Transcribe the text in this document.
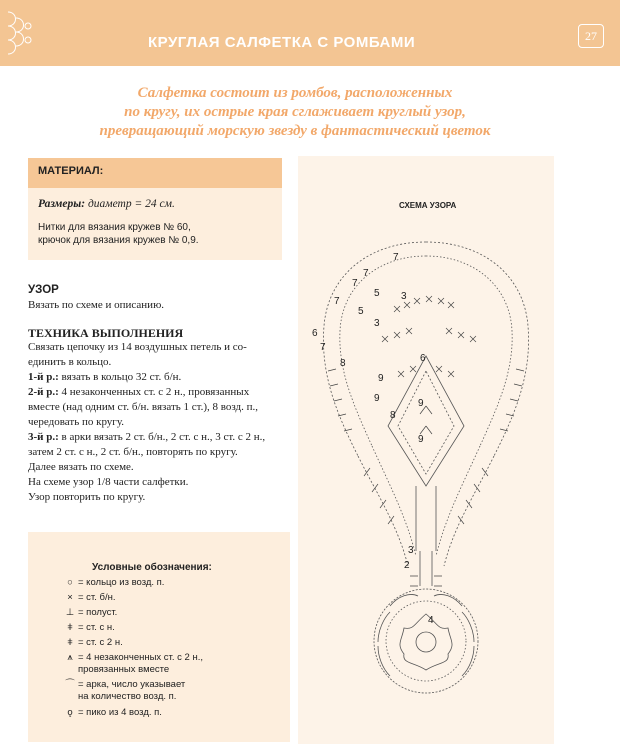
КРУГЛАЯ САЛФЕТКА С РОМБАМИ	27
Салфетка состоит из ромбов, расположенных
по кругу, их острые края сглаживает круглый узор,
превращающий морскую звезду в фантастический цветок
МАТЕРИАЛ:
Размеры: диаметр = 24 см.
Нитки для вязания кружев № 60,
крючок для вязания кружев № 0,9.
УЗОР
Вязать по схеме и описанию.
ТЕХНИКА ВЫПОЛНЕНИЯ
Связать цепочку из 14 воздушных петель и со-
единить в кольцо.
1-й р.: вязать в кольцо 32 ст. б/н.
2-й р.: 4 незаконченных ст. с 2 н., провязанных
вместе (над одним ст. б/н. вязать 1 ст.), 8 возд. п.,
чередовать по кругу.
3-й р.: в арки вязать 2 ст. б/н., 2 ст. с н., 3 ст. с 2 н.,
затем 2 ст. с н., 2 ст. б/н., повторять по кругу.
Далее вязать по схеме.
На схеме узор 1/8 части салфетки.
Узор повторить по кругу.
Условные обозначения:
○ = кольцо из возд. п.
× = ст. б/н.
⊥ = полуст.
ǂ = ст. с н.
ǂ = ст. с 2 н.
⩚ = 4 незаконченных ст. с 2 н.,
провязанных вместе
⌒ = арка, число указывает
на количество возд. п.
ǫ = пико из 4 возд. п.
СХЕМА УЗОРА
7
7
7
5 3
7
5
3
6
7
6
8
9
9
8
9
9
3
2
4
